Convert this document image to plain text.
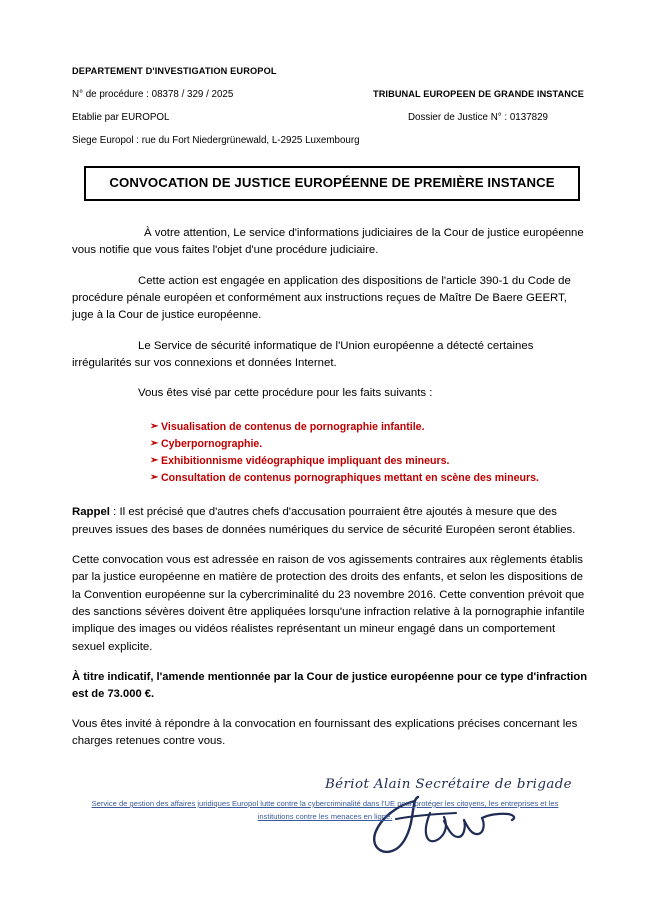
DEPARTEMENT D'INVESTIGATION EUROPOL
N° de procédure : 08378 / 329 / 2025	TRIBUNAL EUROPEEN DE GRANDE INSTANCE
Etablie par EUROPOL	Dossier de Justice N° : 0137829
Siege Europol : rue du Fort Niedergrünewald, L-2925 Luxembourg
CONVOCATION DE JUSTICE EUROPÉENNE DE PREMIÈRE INSTANCE

À votre attention, Le service d'informations judiciaires de la Cour de justice européenne vous notifie que vous faites l'objet d'une procédure judiciaire.

Cette action est engagée en application des dispositions de l'article 390-1 du Code de procédure pénale européen et conformément aux instructions reçues de Maître De Baere GEERT, juge à la Cour de justice européenne.

Le Service de sécurité informatique de l'Union européenne a détecté certaines irrégularités sur vos connexions et données Internet.

Vous êtes visé par cette procédure pour les faits suivants :

➢ Visualisation de contenus de pornographie infantile.
➢ Cyberpornographie.
➢ Exhibitionnisme vidéographique impliquant des mineurs.
➢ Consultation de contenus pornographiques mettant en scène des mineurs.

Rappel : Il est précisé que d'autres chefs d'accusation pourraient être ajoutés à mesure que des preuves issues des bases de données numériques du service de sécurité Européen seront établies.

Cette convocation vous est adressée en raison de vos agissements contraires aux règlements établis par la justice européenne en matière de protection des droits des enfants, et selon les dispositions de la Convention européenne sur la cybercriminalité du 23 novembre 2016. Cette convention prévoit que des sanctions sévères doivent être appliquées lorsqu'une infraction relative à la pornographie infantile implique des images ou vidéos réalistes représentant un mineur engagé dans un comportement sexuel explicite.

À titre indicatif, l'amende mentionnée par la Cour de justice européenne pour ce type d'infraction est de 73.000 €.

Vous êtes invité à répondre à la convocation en fournissant des explications précises concernant les charges retenues contre vous.

Bériot Alain Secrétaire de brigade
Service de gestion des affaires juridiques Europol lutte contre la cybercriminalité dans l'UE pour protéger les citoyens, les entreprises et les institutions contre les menaces en ligne.
